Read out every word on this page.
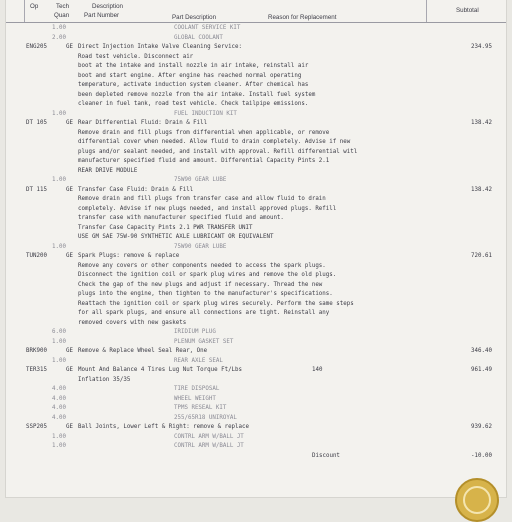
Op	Tech
Quan
Description
Part Number	Part Description	Reason for Replacement
Subtotal
1.00	COOLANT SERVICE KIT
2.00	GLOBAL COOLANT
ENG205	GE Direct Injection Intake Valve Cleaning Service:	234.95
Road test vehicle. Disconnect air
boot at the intake and install nozzle in air intake, reinstall air
boot and start engine. After engine has reached normal operating
temperature, activate induction system cleaner. After chemical has
been depleted remove nozzle from the air intake. Install fuel system
cleaner in fuel tank, road test vehicle. Check tailpipe emissions.
1.00	FUEL INDUCTION KIT
DT 105	GE Rear Differential Fluid: Drain & Fill	138.42
Remove drain and fill plugs from differential when applicable, or remove
differential cover when needed. Allow fluid to drain completely. Advise if new
plugs and/or sealant needed, and install with approval. Refill differential witl
manufacturer specified fluid and amount. Differential Capacity Pints 2.1
REAR DRIVE MODULE
1.00	75W90 GEAR LUBE
DT 115	GE Transfer Case Fluid: Drain & Fill	138.42
Remove drain and fill plugs from transfer case and allow fluid to drain
completely. Advise if new plugs needed, and install approved plugs. Refill
transfer case with manufacturer specified fluid and amount.
Transfer Case Capacity Pints 2.1 PWR TRANSFER UNIT
USE GM SAE 75W-90 SYNTHETIC AXLE LUBRICANT OR EQUIVALENT
1.00	75W90 GEAR LUBE
TUN200	GE Spark Plugs: remove & replace	720.61
Remove any covers or other components needed to access the spark plugs.
Disconnect the ignition coil or spark plug wires and remove the old plugs.
Check the gap of the new plugs and adjust if necessary. Thread the new
plugs into the engine, then tighten to the manufacturer's specifications.
Reattach the ignition coil or spark plug wires securely. Perform the same steps
for all spark plugs, and ensure all connections are tight. Reinstall any
removed covers with new gaskets
6.00	IRIDIUM PLUG
1.00	PLENUM GASKET SET
BRK900	GE Remove & Replace Wheel Seal Rear, One	346.40
1.00	REAR AXLE SEAL
TER315	GE Mount And Balance 4 Tires Lug Nut Torque Ft/Lbs	140	961.49
Inflation 35/35
4.00	TIRE DISPOSAL
4.00	WHEEL WEIGHT
4.00	TPMS RESEAL KIT
4.00	255/65R18 UNIROYAL
SSP205	GE Ball Joints, Lower Left & Right: remove & replace	939.62
1.00	CONTRL ARM W/BALL JT
1.00	CONTRL ARM W/BALL JT
Discount	-10.00
